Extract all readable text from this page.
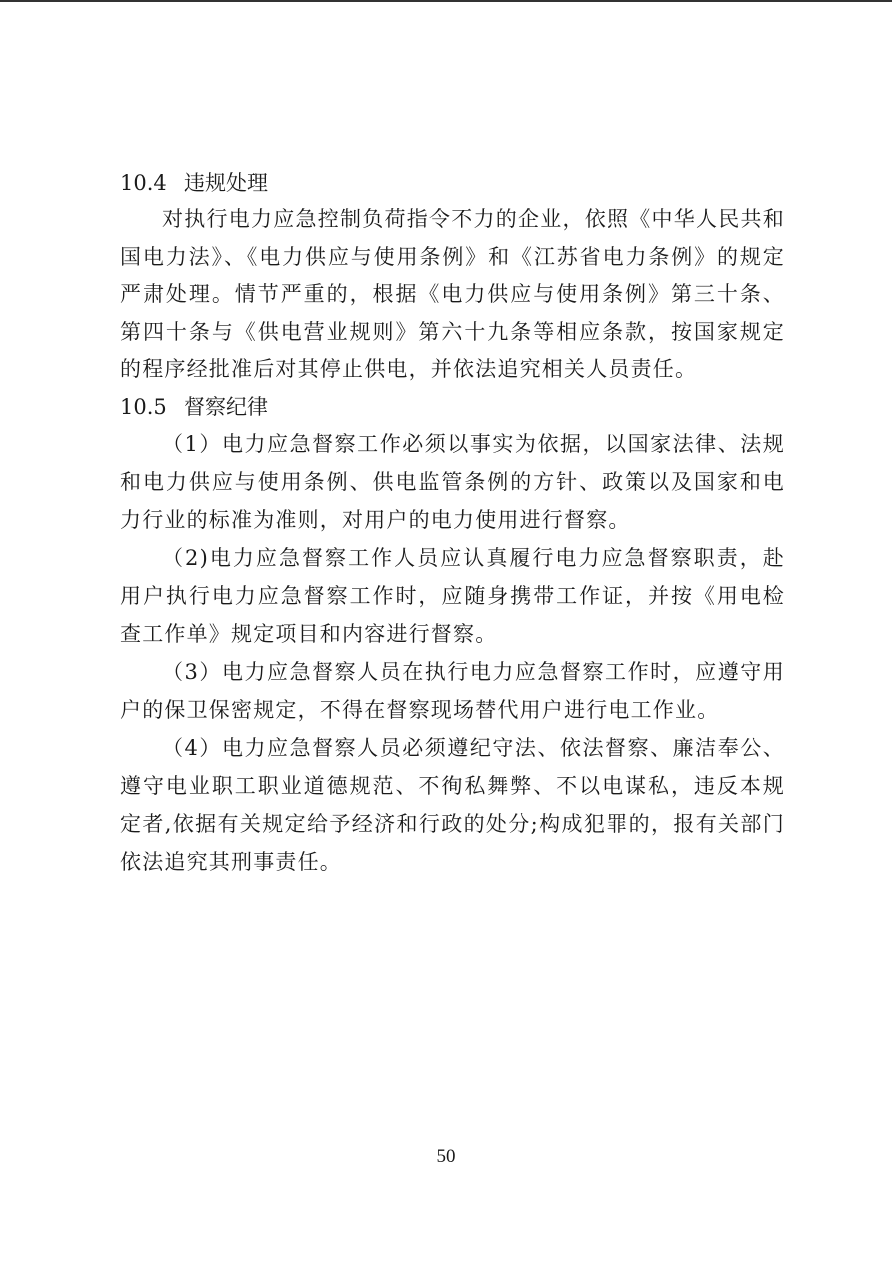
10.4 违规处理

对执行电力应急控制负荷指令不力的企业，依照《中华人民共和国电力法》、《电力供应与使用条例》和《江苏省电力条例》的规定严肃处理。情节严重的，根据《电力供应与使用条例》第三十条、第四十条与《供电营业规则》第六十九条等相应条款，按国家规定的程序经批准后对其停止供电，并依法追究相关人员责任。

10.5 督察纪律

（1）电力应急督察工作必须以事实为依据，以国家法律、法规和电力供应与使用条例、供电监管条例的方针、政策以及国家和电力行业的标准为准则，对用户的电力使用进行督察。

（2)电力应急督察工作人员应认真履行电力应急督察职责，赴用户执行电力应急督察工作时，应随身携带工作证，并按《用电检查工作单》规定项目和内容进行督察。

（3）电力应急督察人员在执行电力应急督察工作时，应遵守用户的保卫保密规定，不得在督察现场替代用户进行电工作业。

（4）电力应急督察人员必须遵纪守法、依法督察、廉洁奉公、遵守电业职工职业道德规范、不徇私舞弊、不以电谋私，违反本规定者,依据有关规定给予经济和行政的处分;构成犯罪的，报有关部门依法追究其刑事责任。

50
